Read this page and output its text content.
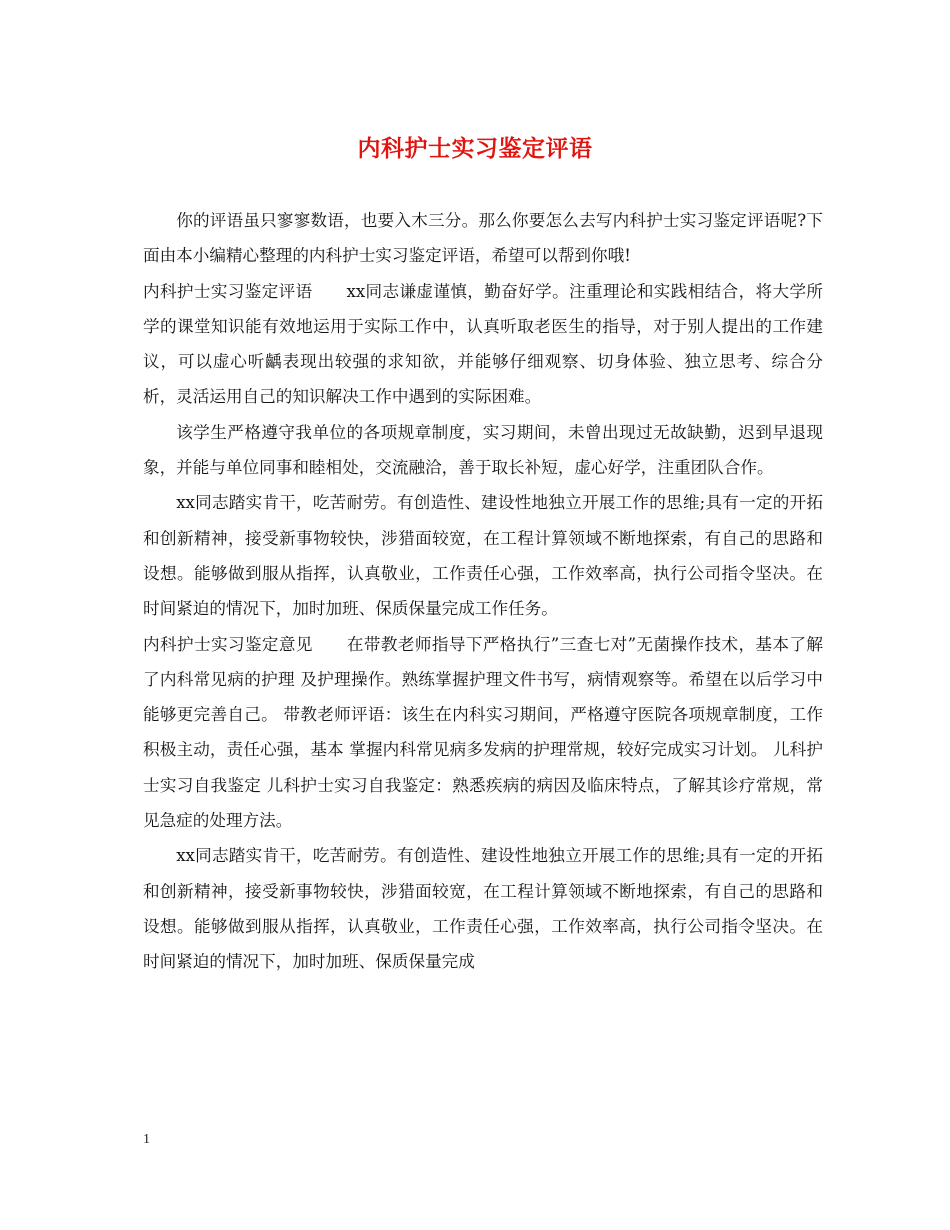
内科护士实习鉴定评语

你的评语虽只寥寥数语，也要入木三分。那么你要怎么去写内科护士实习鉴定评语呢?下面由本小编精心整理的内科护士实习鉴定评语，希望可以帮到你哦!

内科护士实习鉴定评语　　xx同志谦虚谨慎，勤奋好学。注重理论和实践相结合，将大学所学的课堂知识能有效地运用于实际工作中，认真听取老医生的指导，对于别人提出的工作建议，可以虚心听齲表现出较强的求知欲，并能够仔细观察、切身体验、独立思考、综合分析，灵活运用自己的知识解决工作中遇到的实际困难。

该学生严格遵守我单位的各项规章制度，实习期间，未曾出现过无故缺勤，迟到早退现象，并能与单位同事和睦相处，交流融洽，善于取长补短，虚心好学，注重团队合作。

xx同志踏实肯干，吃苦耐劳。有创造性、建设性地独立开展工作的思维;具有一定的开拓和创新精神，接受新事物较快，涉猎面较宽，在工程计算领域不断地探索，有自己的思路和设想。能够做到服从指挥，认真敬业，工作责任心强，工作效率高，执行公司指令坚决。在时间紧迫的情况下，加时加班、保质保量完成工作任务。

内科护士实习鉴定意见　　在带教老师指导下严格执行”三查七对”无菌操作技术，基本了解了内科常见病的护理 及护理操作。熟练掌握护理文件书写，病情观察等。希望在以后学习中能够更完善自己。 带教老师评语：该生在内科实习期间，严格遵守医院各项规章制度，工作积极主动，责任心强，基本 掌握内科常见病多发病的护理常规，较好完成实习计划。 儿科护士实习自我鉴定 儿科护士实习自我鉴定：熟悉疾病的病因及临床特点，了解其诊疗常规，常见急症的处理方法。

xx同志踏实肯干，吃苦耐劳。有创造性、建设性地独立开展工作的思维;具有一定的开拓和创新精神，接受新事物较快，涉猎面较宽，在工程计算领域不断地探索，有自己的思路和设想。能够做到服从指挥，认真敬业，工作责任心强，工作效率高，执行公司指令坚决。在时间紧迫的情况下，加时加班、保质保量完成

1
